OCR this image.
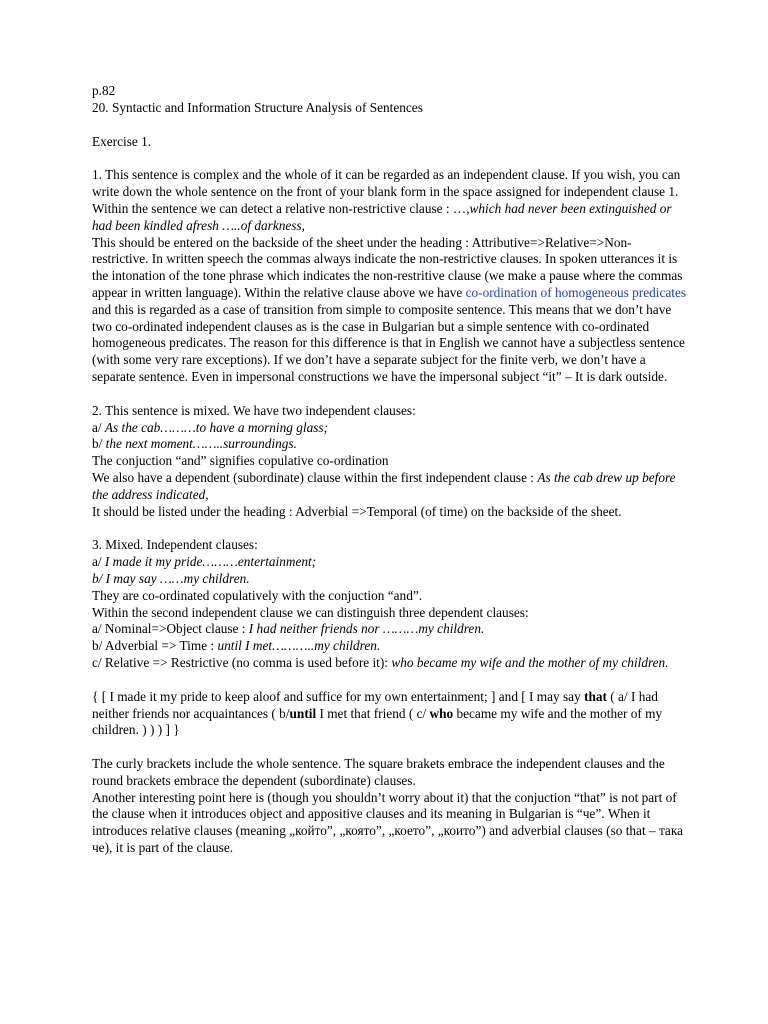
p.82

20. Syntactic and Information Structure Analysis of Sentences

Exercise 1.

1. This sentence is complex and the whole of it can be regarded as an independent clause. If you wish, you can write down the whole sentence on the front of your blank form in the space assigned for independent clause 1. Within the sentence we can detect a relative non-restrictive clause : …,which had never been extinguished or had been kindled afresh …..of darkness,

This should be entered on the backside of the sheet under the heading : Attributive=>Relative=>Non-restrictive. In written speech the commas always indicate the non-restrictive clauses. In spoken utterances it is the intonation of the tone phrase which indicates the non-restritive clause (we make a pause where the commas appear in written language). Within the relative clause above we have co-ordination of homogeneous predicates and this is regarded as a case of transition from simple to composite sentence. This means that we don’t have two co-ordinated independent clauses as is the case in Bulgarian but a simple sentence with co-ordinated homogeneous predicates. The reason for this difference is that in English we cannot have a subjectless sentence (with some very rare exceptions). If we don’t have a separate subject for the finite verb, we don’t have a separate sentence. Even in impersonal constructions we have the impersonal subject “it” – It is dark outside.

2. This sentence is mixed. We have two independent clauses:

a/ As the cab………to have a morning glass;

b/ the next moment……..surroundings.

The conjuction “and” signifies copulative co-ordination

We also have a dependent (subordinate) clause within the first independent clause : As the cab drew up before the address indicated,

It should be listed under the heading : Adverbial =>Temporal (of time) on the backside of the sheet.

3. Mixed. Independent clauses:

a/ I made it my pride………entertainment;

b/ I may say ……my children.

They are co-ordinated copulatively with the conjuction “and”.

Within the second independent clause we can distinguish three dependent clauses:

a/ Nominal=>Object clause : I had neither friends nor ………my children.

b/ Adverbial => Time : until I met………..my children.

c/ Relative => Restrictive (no comma is used before it): who became my wife and the mother of my children.

{ [ I made it my pride to keep aloof and suffice for my own entertainment; ] and [ I may say that ( a/ I had neither friends nor acquaintances ( b/until I met that friend ( c/ who became my wife and the mother of my children. ) ) ) ] }

The curly brackets include the whole sentence. The square brakets embrace the independent clauses and the round brackets embrace the dependent (subordinate) clauses.

Another interesting point here is (though you shouldn’t worry about it) that the conjuction “that” is not part of the clause when it introduces object and appositive clauses and its meaning in Bulgarian is “че”. When it introduces relative clauses (meaning „който”, „която”, „което”, „които”) and adverbial clauses (so that – така че), it is part of the clause.
